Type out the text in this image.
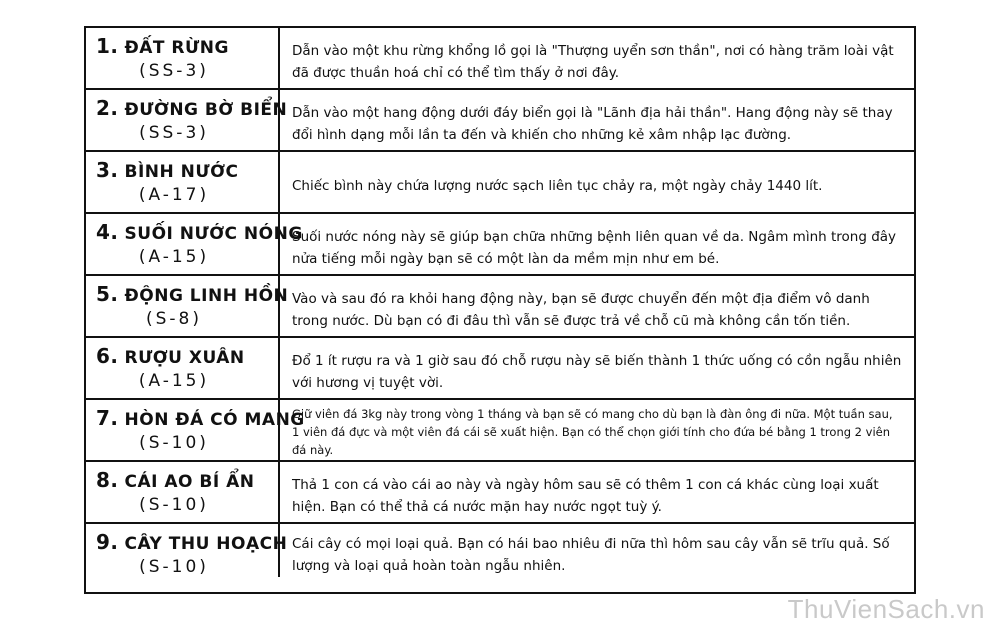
1. ĐẤT RỪNG
(SS-3)
Dẫn vào một khu rừng khổng lồ gọi là "Thượng uyển sơn thần", nơi có hàng trăm loài vật đã được thuần hoá chỉ có thể tìm thấy ở nơi đây.
2. ĐƯỜNG BỜ BIỂN
(SS-3)
Dẫn vào một hang động dưới đáy biển gọi là "Lãnh địa hải thần". Hang động này sẽ thay đổi hình dạng mỗi lần ta đến và khiến cho những kẻ xâm nhập lạc đường.
3. BÌNH NƯỚC
(A-17)	Chiếc bình này chứa lượng nước sạch liên tục chảy ra, một ngày chảy 1440 lít.
4. SUỐI NƯỚC NÓNG
(A-15)
Suối nước nóng này sẽ giúp bạn chữa những bệnh liên quan về da. Ngâm mình trong đây nửa tiếng mỗi ngày bạn sẽ có một làn da mềm mịn như em bé.
5. ĐỘNG LINH HỒN
(S-8)
Vào và sau đó ra khỏi hang động này, bạn sẽ được chuyển đến một địa điểm vô danh trong nước. Dù bạn có đi đâu thì vẫn sẽ được trả về chỗ cũ mà không cần tốn tiền.
6. RƯỢU XUÂN
(A-15)
Đổ 1 ít rượu ra và 1 giờ sau đó chỗ rượu này sẽ biến thành 1 thức uống có cồn ngẫu nhiên với hương vị tuyệt vời.
7. HÒN ĐÁ CÓ MANG
(S-10)
Giữ viên đá 3kg này trong vòng 1 tháng và bạn sẽ có mang cho dù bạn là đàn ông đi nữa. Một tuần sau, 1 viên đá đực và một viên đá cái sẽ xuất hiện. Bạn có thể chọn giới tính cho đứa bé bằng 1 trong 2 viên đá này.
8. CÁI AO BÍ ẨN
(S-10)
Thả 1 con cá vào cái ao này và ngày hôm sau sẽ có thêm 1 con cá khác cùng loại xuất hiện. Bạn có thể thả cá nước mặn hay nước ngọt tuỳ ý.
9. CÂY THU HOẠCH
(S-10)
Cái cây có mọi loại quả. Bạn có hái bao nhiêu đi nữa thì hôm sau cây vẫn sẽ trĩu quả. Số lượng và loại quả hoàn toàn ngẫu nhiên.
ThuVienSach.vn
